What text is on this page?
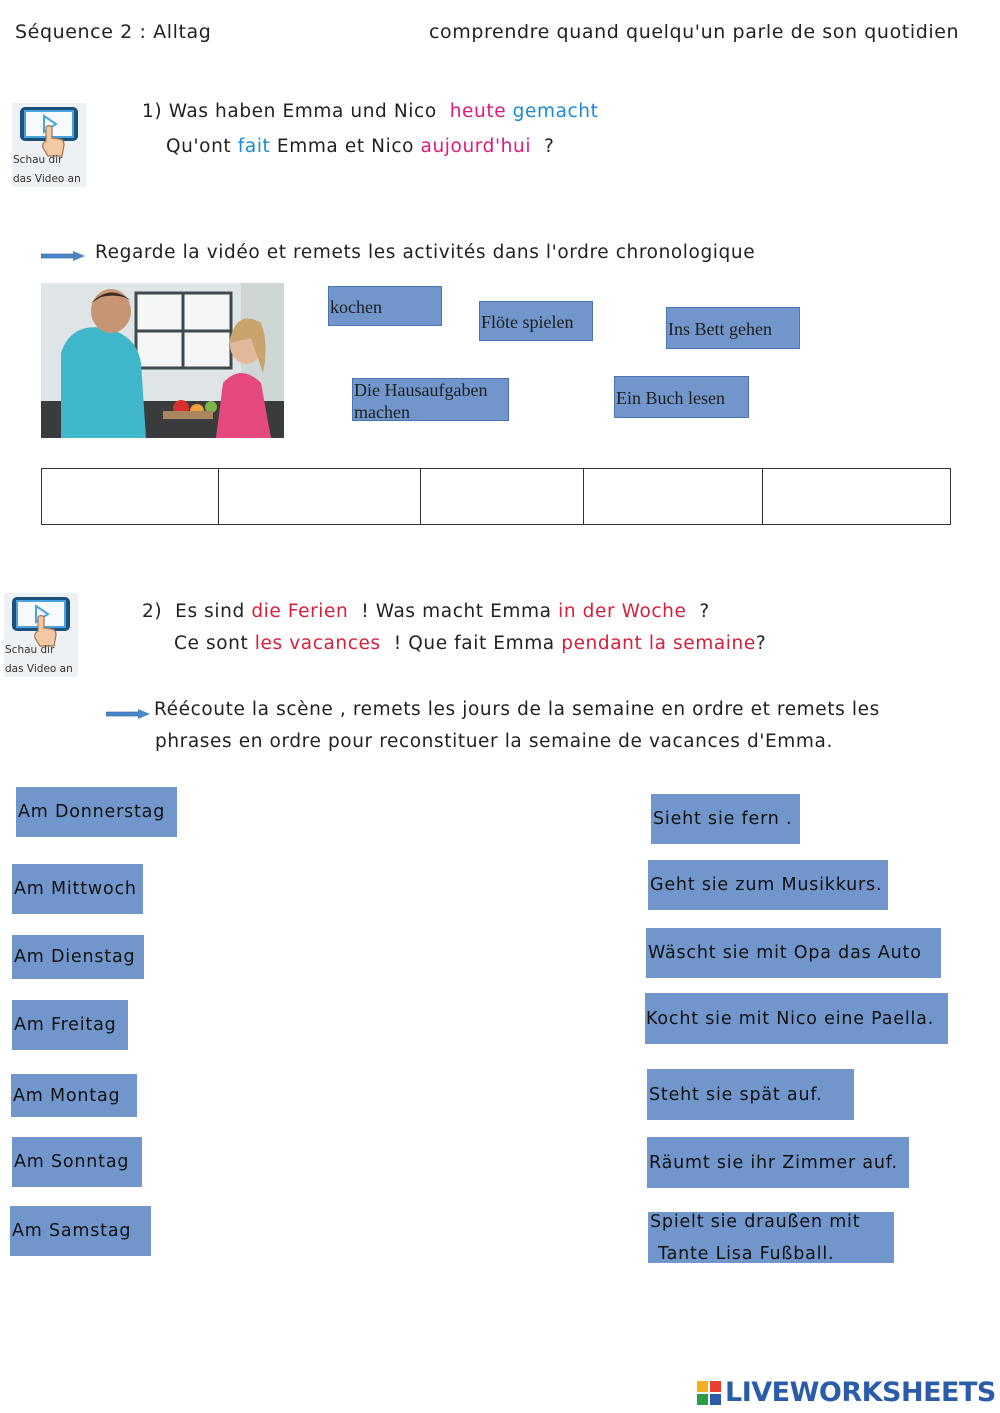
Séquence 2 : Alltag	comprendre quand quelqu'un parle de son quotidien
Schau dir
das Video an
1) Was haben Emma und Nico  heute gemacht
Qu'ont fait Emma et Nico aujourd'hui  ?
Regarde la vidéo et remets les activités dans l'ordre chronologique
kochen
Flöte spielen	Ins Bett gehen
Die Hausaufgaben machen
Ein Buch lesen

Schau dir
das Video an
2) Es sind die Ferien  ! Was macht Emma in der Woche  ?
Ce sont les vacances  ! Que fait Emma pendant la semaine?
Réécoute la scène , remets les jours de la semaine en ordre et remets les
phrases en ordre pour reconstituer la semaine de vacances d'Emma.
Am Donnerstag
Am Mittwoch
Am Dienstag
Am Freitag
Am Montag
Am Sonntag
Am Samstag
Sieht sie fern .
Geht sie zum Musikkurs.
Wäscht sie mit Opa das Auto
Kocht sie mit Nico eine Paella.
Steht sie spät auf.
Räumt sie ihr Zimmer auf.
Spielt sie draußen mit
Tante Lisa Fußball.
LIVEWORKSHEETS
